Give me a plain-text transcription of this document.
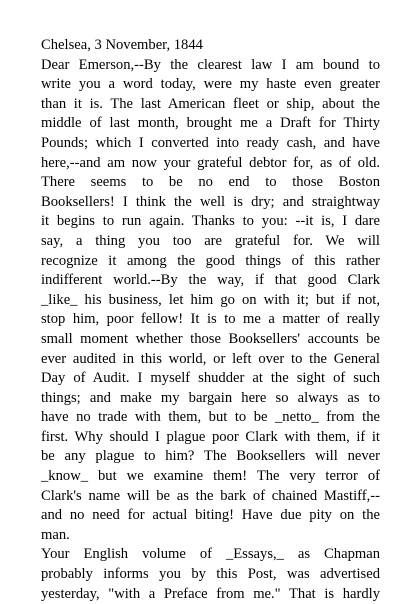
Chelsea, 3 November, 1844
Dear Emerson,--By the clearest law I am bound to
write you a word today, were my haste even greater
than it is. The last American fleet or ship, about the
middle of last month, brought me a Draft for Thirty
Pounds; which I converted into ready cash, and have
here,--and am now your grateful debtor for, as of old.
There seems to be no end to those Boston
Booksellers! I think the well is dry; and straightway
it begins to run again. Thanks to you: --it is, I dare
say, a thing you too are grateful for. We will
recognize it among the good things of this rather
indifferent world.--By the way, if that good Clark
_like_ his business, let him go on with it; but if not,
stop him, poor fellow! It is to me a matter of really
small moment whether those Booksellers' accounts be
ever audited in this world, or left over to the General
Day of Audit. I myself shudder at the sight of such
things; and make my bargain here so always as to
have no trade with them, but to be _netto_ from the
first. Why should I plague poor Clark with them, if it
be any plague to him? The Booksellers will never
_know_ but we examine them! The very terror of
Clark's name will be as the bark of chained Mastiff,--
and no need for actual biting! Have due pity on the
man.
Your English volume of _Essays,_ as Chapman
probably informs you by this Post, was advertised
yesterday, "with a Preface from me." That is hardly
